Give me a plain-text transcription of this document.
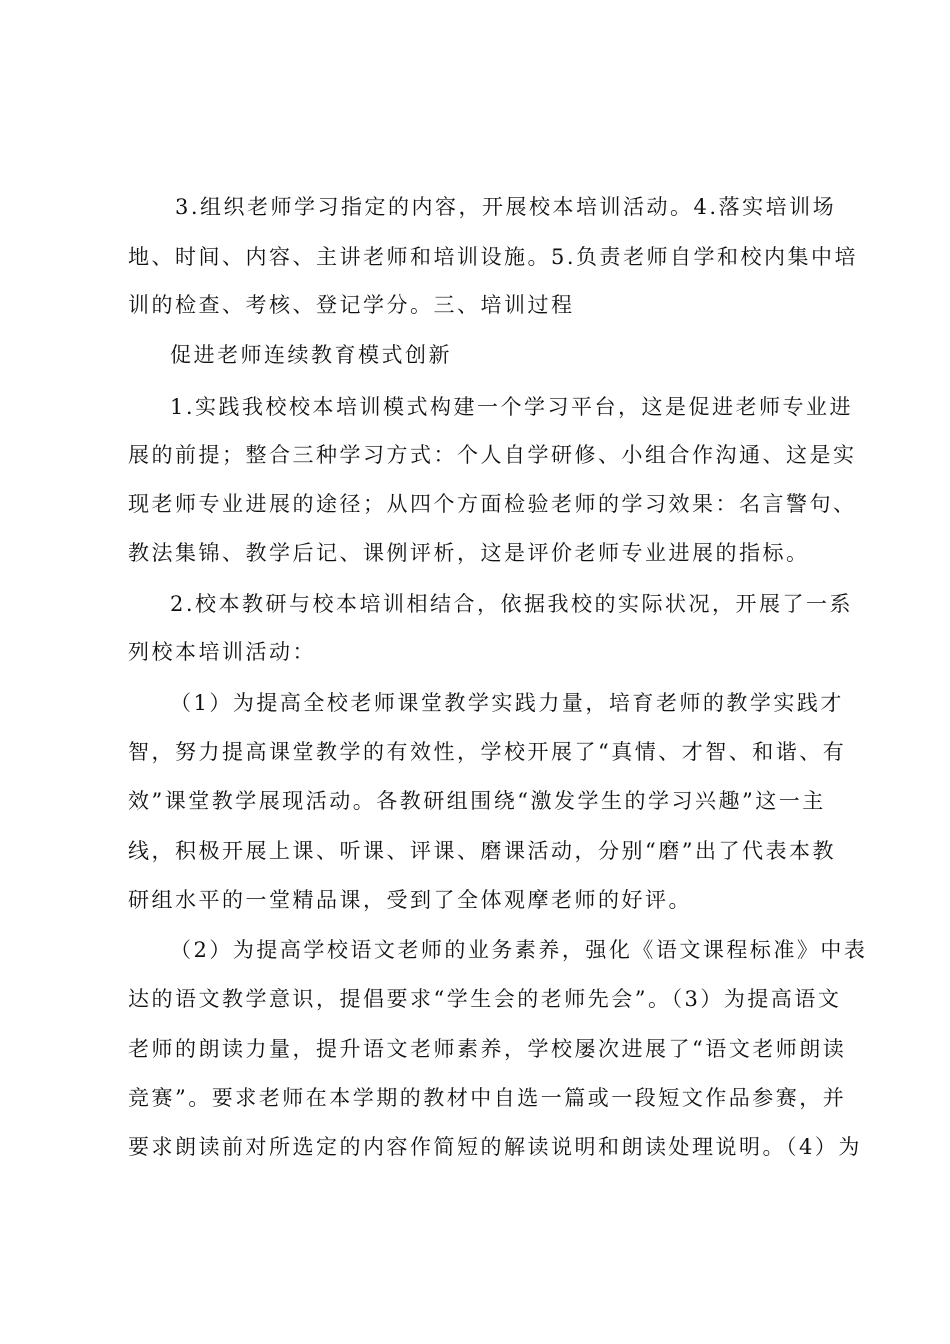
3.组织老师学习指定的内容，开展校本培训活动。4.落实培训场
地、时间、内容、主讲老师和培训设施。5.负责老师自学和校内集中培
训的检查、考核、登记学分。三、培训过程
促进老师连续教育模式创新
1.实践我校校本培训模式构建一个学习平台，这是促进老师专业进
展的前提；整合三种学习方式：个人自学研修、小组合作沟通、这是实
现老师专业进展的途径；从四个方面检验老师的学习效果：名言警句、
教法集锦、教学后记、课例评析，这是评价老师专业进展的指标。
2.校本教研与校本培训相结合，依据我校的实际状况，开展了一系
列校本培训活动：
（1）为提高全校老师课堂教学实践力量，培育老师的教学实践才
智，努力提高课堂教学的有效性，学校开展了“真情、才智、和谐、有
效”课堂教学展现活动。各教研组围绕“激发学生的学习兴趣”这一主
线，积极开展上课、听课、评课、磨课活动，分别“磨”出了代表本教
研组水平的一堂精品课，受到了全体观摩老师的好评。
（2）为提高学校语文老师的业务素养，强化《语文课程标准》中表
达的语文教学意识，提倡要求“学生会的老师先会”。（3）为提高语文
老师的朗读力量，提升语文老师素养，学校屡次进展了“语文老师朗读
竞赛”。要求老师在本学期的教材中自选一篇或一段短文作品参赛，并
要求朗读前对所选定的内容作简短的解读说明和朗读处理说明。（4）为
